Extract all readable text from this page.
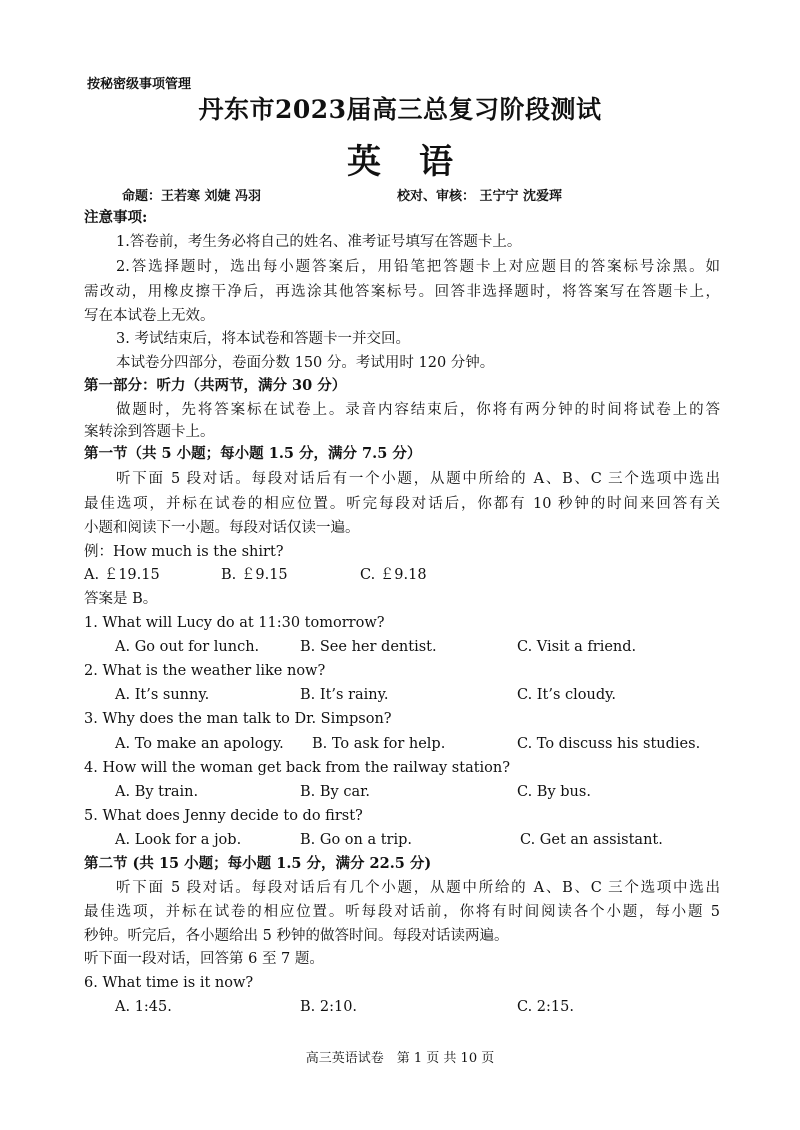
按秘密级事项管理
丹东市2023届高三总复习阶段测试
英语
命题：王若寒 刘婕 冯羽	校对、审核： 王宁宁 沈爱珲
注意事项:
1.答卷前，考生务必将自己的姓名、准考证号填写在答题卡上。
2.答选择题时，选出每小题答案后，用铅笔把答题卡上对应题目的答案标号涂黑。如
需改动，用橡皮擦干净后，再选涂其他答案标号。回答非选择题时，将答案写在答题卡上，
写在本试卷上无效。
3. 考试结束后，将本试卷和答题卡一并交回。
本试卷分四部分，卷面分数 150 分。考试用时 120 分钟。
第一部分：听力（共两节，满分 30 分）
做题时，先将答案标在试卷上。录音内容结束后，你将有两分钟的时间将试卷上的答
案转涂到答题卡上。
第一节（共 5 小题；每小题 1.5 分，满分 7.5 分）
听下面 5 段对话。每段对话后有一个小题，从题中所给的 A、B、C 三个选项中选出
最佳选项，并标在试卷的相应位置。听完每段对话后，你都有 10 秒钟的时间来回答有关
小题和阅读下一小题。每段对话仅读一遍。
例：How much is the shirt?
A. ￡19.15	B. ￡9.15	C. ￡9.18
答案是 B。
1. What will Lucy do at 11:30 tomorrow?
A. Go out for lunch.	B. See her dentist.	C. Visit a friend.
2. What is the weather like now?
A. It’s sunny.	B. It’s rainy.	C. It’s cloudy.
3. Why does the man talk to Dr. Simpson?
A. To make an apology. B. To ask for help.	C. To discuss his studies.
4. How will the woman get back from the railway station?
A. By train.	B. By car.	C. By bus.
5. What does Jenny decide to do first?
A. Look for a job.	B. Go on a trip.	C. Get an assistant.
第二节 (共 15 小题；每小题 1.5 分，满分 22.5 分)
听下面 5 段对话。每段对话后有几个小题，从题中所给的 A、B、C 三个选项中选出
最佳选项，并标在试卷的相应位置。听每段对话前，你将有时间阅读各个小题，每小题 5
秒钟。听完后，各小题给出 5 秒钟的做答时间。每段对话读两遍。
听下面一段对话，回答第 6 至 7 题。
6. What time is it now?
A. 1:45.	B. 2:10.	C. 2:15.
高三英语试卷　第 1 页 共 10 页
